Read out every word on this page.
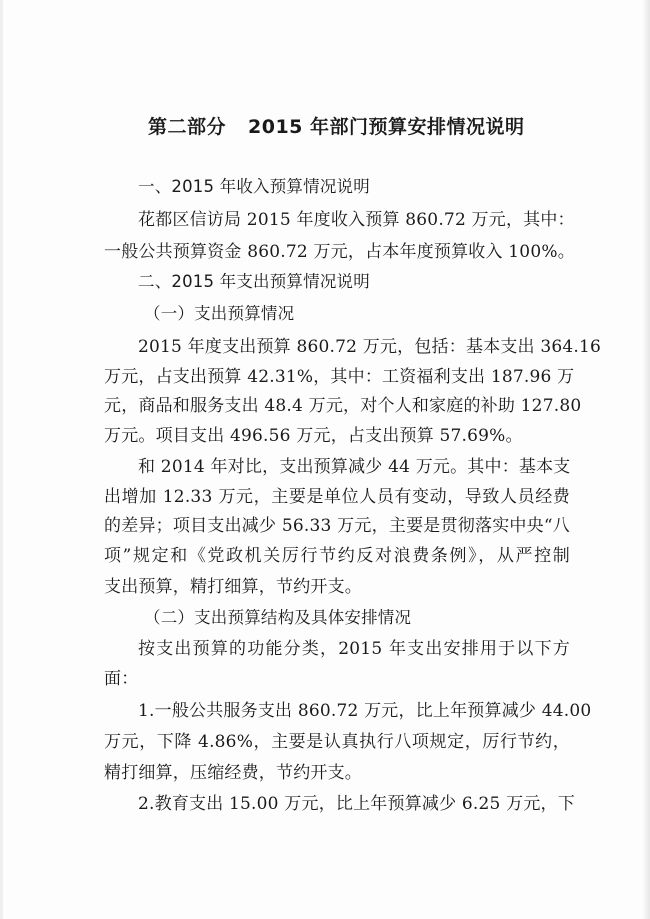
第二部分 2015 年部门预算安排情况说明
一、2015 年收入预算情况说明
花都区信访局 2015 年度收入预算 860.72 万元，其中：
一般公共预算资金 860.72 万元，占本年度预算收入 100%。
二、2015 年支出预算情况说明
（一）支出预算情况
2015 年度支出预算 860.72 万元，包括：基本支出 364.16
万元，占支出预算 42.31%，其中：工资福利支出 187.96 万
元，商品和服务支出 48.4 万元，对个人和家庭的补助 127.80
万元。项目支出 496.56 万元，占支出预算 57.69%。
和 2014 年对比，支出预算减少 44 万元。其中：基本支
出增加 12.33 万元，主要是单位人员有变动，导致人员经费
的差异；项目支出减少 56.33 万元，主要是贯彻落实中央“八
项”规定和《党政机关厉行节约反对浪费条例》，从严控制
支出预算，精打细算，节约开支。
（二）支出预算结构及具体安排情况
按支出预算的功能分类，2015 年支出安排用于以下方
面：
1.一般公共服务支出 860.72 万元，比上年预算减少 44.00
万元，下降 4.86%，主要是认真执行八项规定，厉行节约，
精打细算，压缩经费，节约开支。
2.教育支出 15.00 万元，比上年预算减少 6.25 万元，下
